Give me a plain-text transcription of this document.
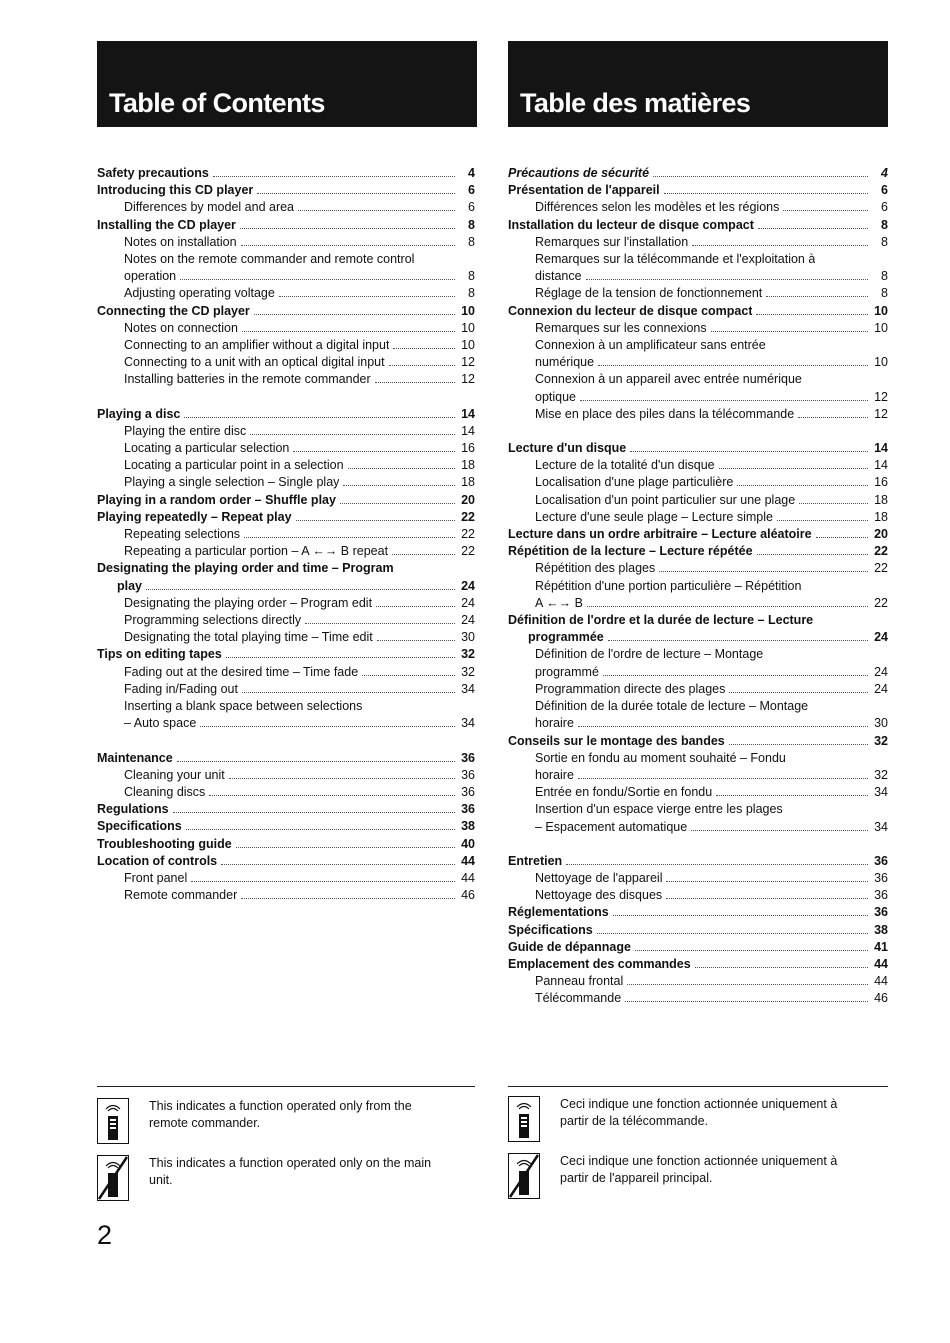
Table of Contents	Table des matières
Safety precautions	4
Introducing this CD player	6
Differences by model and area	6
Installing the CD player	8
Notes on installation	8
Notes on the remote commander and remote control
operation	8
Adjusting operating voltage	8
Connecting the CD player	10
Notes on connection	10
Connecting to an amplifier without a digital input	10
Connecting to a unit with an optical digital input	12
Installing batteries in the remote commander	12
Playing a disc	14
Playing the entire disc	14
Locating a particular selection	16
Locating a particular point in a selection	18
Playing a single selection – Single play	18
Playing in a random order – Shuffle play	20
Playing repeatedly – Repeat play	22
Repeating selections	22
Repeating a particular portion – A ←→ B repeat	22
Designating the playing order and time – Program
play	24
Designating the playing order – Program edit	24
Programming selections directly	24
Designating the total playing time – Time edit	30
Tips on editing tapes	32
Fading out at the desired time – Time fade	32
Fading in/Fading out	34
Inserting a blank space between selections
– Auto space	34
Maintenance	36
Cleaning your unit	36
Cleaning discs	36
Regulations	36
Specifications	38
Troubleshooting guide	40
Location of controls	44
Front panel	44
Remote commander	46
Précautions de sécurité	4
Présentation de l'appareil	6
Différences selon les modèles et les régions	6
Installation du lecteur de disque compact	8
Remarques sur l'installation	8
Remarques sur la télécommande et l'exploitation à
distance	8
Réglage de la tension de fonctionnement	8
Connexion du lecteur de disque compact	10
Remarques sur les connexions	10
Connexion à un amplificateur sans entrée
numérique	10
Connexion à un appareil avec entrée numérique
optique	12
Mise en place des piles dans la télécommande	12
Lecture d'un disque	14
Lecture de la totalité d'un disque	14
Localisation d'une plage particulière	16
Localisation d'un point particulier sur une plage	18
Lecture d'une seule plage – Lecture simple	18
Lecture dans un ordre arbitraire – Lecture aléatoire	20
Répétition de la lecture – Lecture répétée	22
Répétition des plages	22
Répétition d'une portion particulière – Répétition
A ←→ B	22
Définition de l'ordre et la durée de lecture – Lecture
programmée	24
Définition de l'ordre de lecture – Montage
programmé	24
Programmation directe des plages	24
Définition de la durée totale de lecture – Montage
horaire	30
Conseils sur le montage des bandes	32
Sortie en fondu au moment souhaité – Fondu
horaire	32
Entrée en fondu/Sortie en fondu	34
Insertion d'un espace vierge entre les plages
– Espacement automatique	34
Entretien	36
Nettoyage de l'appareil	36
Nettoyage des disques	36
Réglementations	36
Spécifications	38
Guide de dépannage	41
Emplacement des commandes	44
Panneau frontal	44
Télécommande	46
This indicates a function operated only from the remote commander.
This indicates a function operated only on the main unit.
Ceci indique une fonction actionnée uniquement à partir de la télécommande.
Ceci indique une fonction actionnée uniquement à partir de l'appareil principal.
2
